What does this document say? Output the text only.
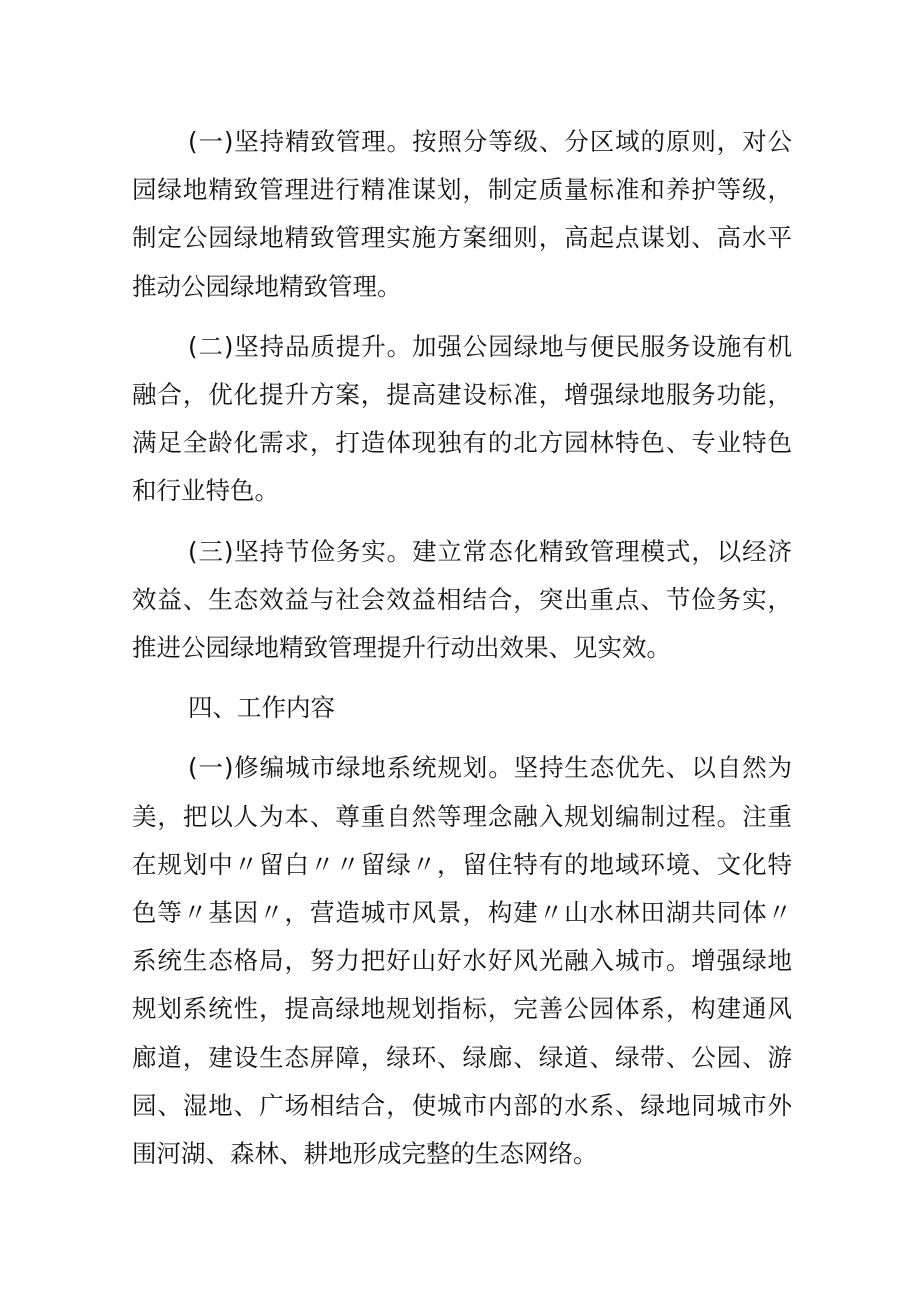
(一)坚持精致管理。按照分等级、分区域的原则，对公园绿地精致管理进行精准谋划，制定质量标准和养护等级，制定公园绿地精致管理实施方案细则，高起点谋划、高水平推动公园绿地精致管理。

(二)坚持品质提升。加强公园绿地与便民服务设施有机融合，优化提升方案，提高建设标准，增强绿地服务功能，满足全龄化需求，打造体现独有的北方园林特色、专业特色和行业特色。

(三)坚持节俭务实。建立常态化精致管理模式，以经济效益、生态效益与社会效益相结合，突出重点、节俭务实，推进公园绿地精致管理提升行动出效果、见实效。

四、工作内容

(一)修编城市绿地系统规划。坚持生态优先、以自然为美，把以人为本、尊重自然等理念融入规划编制过程。注重在规划中〃留白〃〃留绿〃，留住特有的地域环境、文化特色等〃基因〃，营造城市风景，构建〃山水林田湖共同体〃系统生态格局，努力把好山好水好风光融入城市。增强绿地规划系统性，提高绿地规划指标，完善公园体系，构建通风廊道，建设生态屏障，绿环、绿廊、绿道、绿带、公园、游园、湿地、广场相结合，使城市内部的水系、绿地同城市外围河湖、森林、耕地形成完整的生态网络。
